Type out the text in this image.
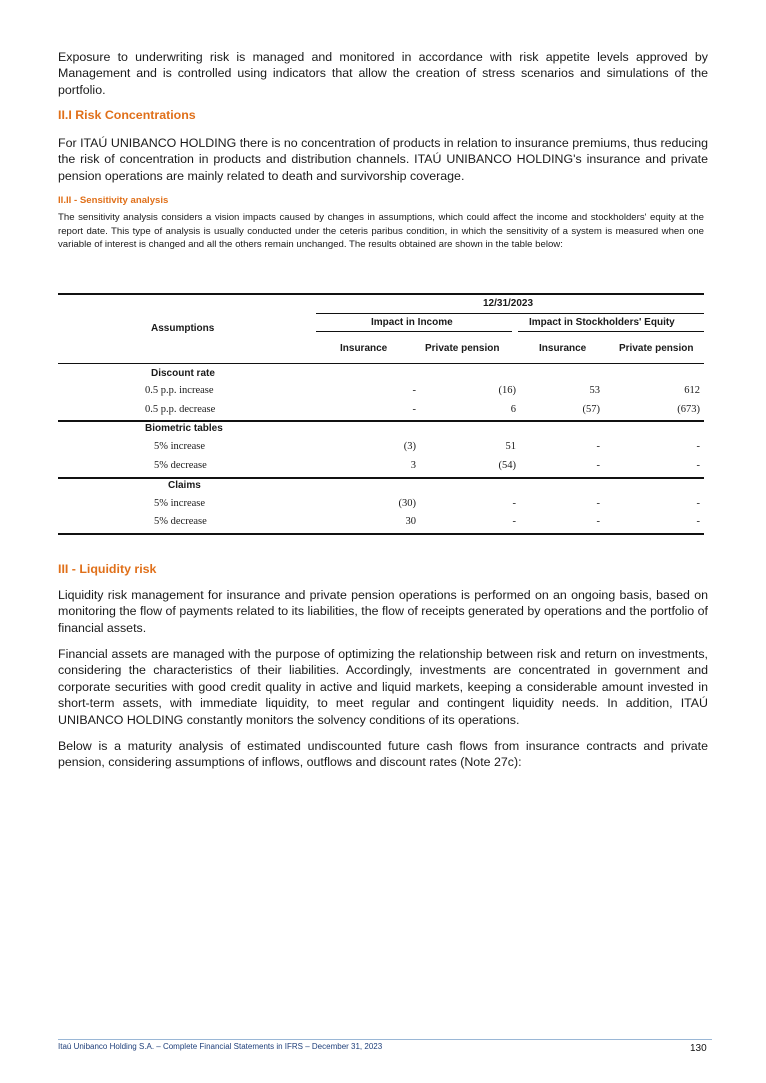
Exposure to underwriting risk is managed and monitored in accordance with risk appetite levels approved by Management and is controlled using indicators that allow the creation of stress scenarios and simulations of the portfolio.

II.I Risk Concentrations

For ITAÚ UNIBANCO HOLDING there is no concentration of products in relation to insurance premiums, thus reducing the risk of concentration in products and distribution channels. ITAÚ UNIBANCO HOLDING's insurance and private pension operations are mainly related to death and survivorship coverage.

II.II - Sensitivity analysis

The sensitivity analysis considers a vision impacts caused by changes in assumptions, which could affect the income and stockholders' equity at the report date. This type of analysis is usually conducted under the ceteris paribus condition, in which the sensitivity of a system is measured when one variable of interest is changed and all the others remain unchanged. The results obtained are shown in the table below:

12/31/2023
Assumptions
Impact in Income	Impact in Stockholders' Equity
Insurance	Private pension	Insurance	Private pension
Discount rate
0.5 p.p. increase	-	(16)	53	612
0.5 p.p. decrease	-	6	(57)	(673)
Biometric tables
5% increase	(3)	51	-	-
5% decrease	3	(54)	-	-
Claims
5% increase	(30)	-	-	-
5% decrease	30	-	-	-

III - Liquidity risk

Liquidity risk management for insurance and private pension operations is performed on an ongoing basis, based on monitoring the flow of payments related to its liabilities, the flow of receipts generated by operations and the portfolio of financial assets.

Financial assets are managed with the purpose of optimizing the relationship between risk and return on investments, considering the characteristics of their liabilities. Accordingly, investments are concentrated in government and corporate securities with good credit quality in active and liquid markets, keeping a considerable amount invested in short-term assets, with immediate liquidity, to meet regular and contingent liquidity needs. In addition, ITAÚ UNIBANCO HOLDING constantly monitors the solvency conditions of its operations.

Below is a maturity analysis of estimated undiscounted future cash flows from insurance contracts and private pension, considering assumptions of inflows, outflows and discount rates (Note 27c):

Itaú Unibanco Holding S.A. – Complete Financial Statements in IFRS – December 31, 2023	130
